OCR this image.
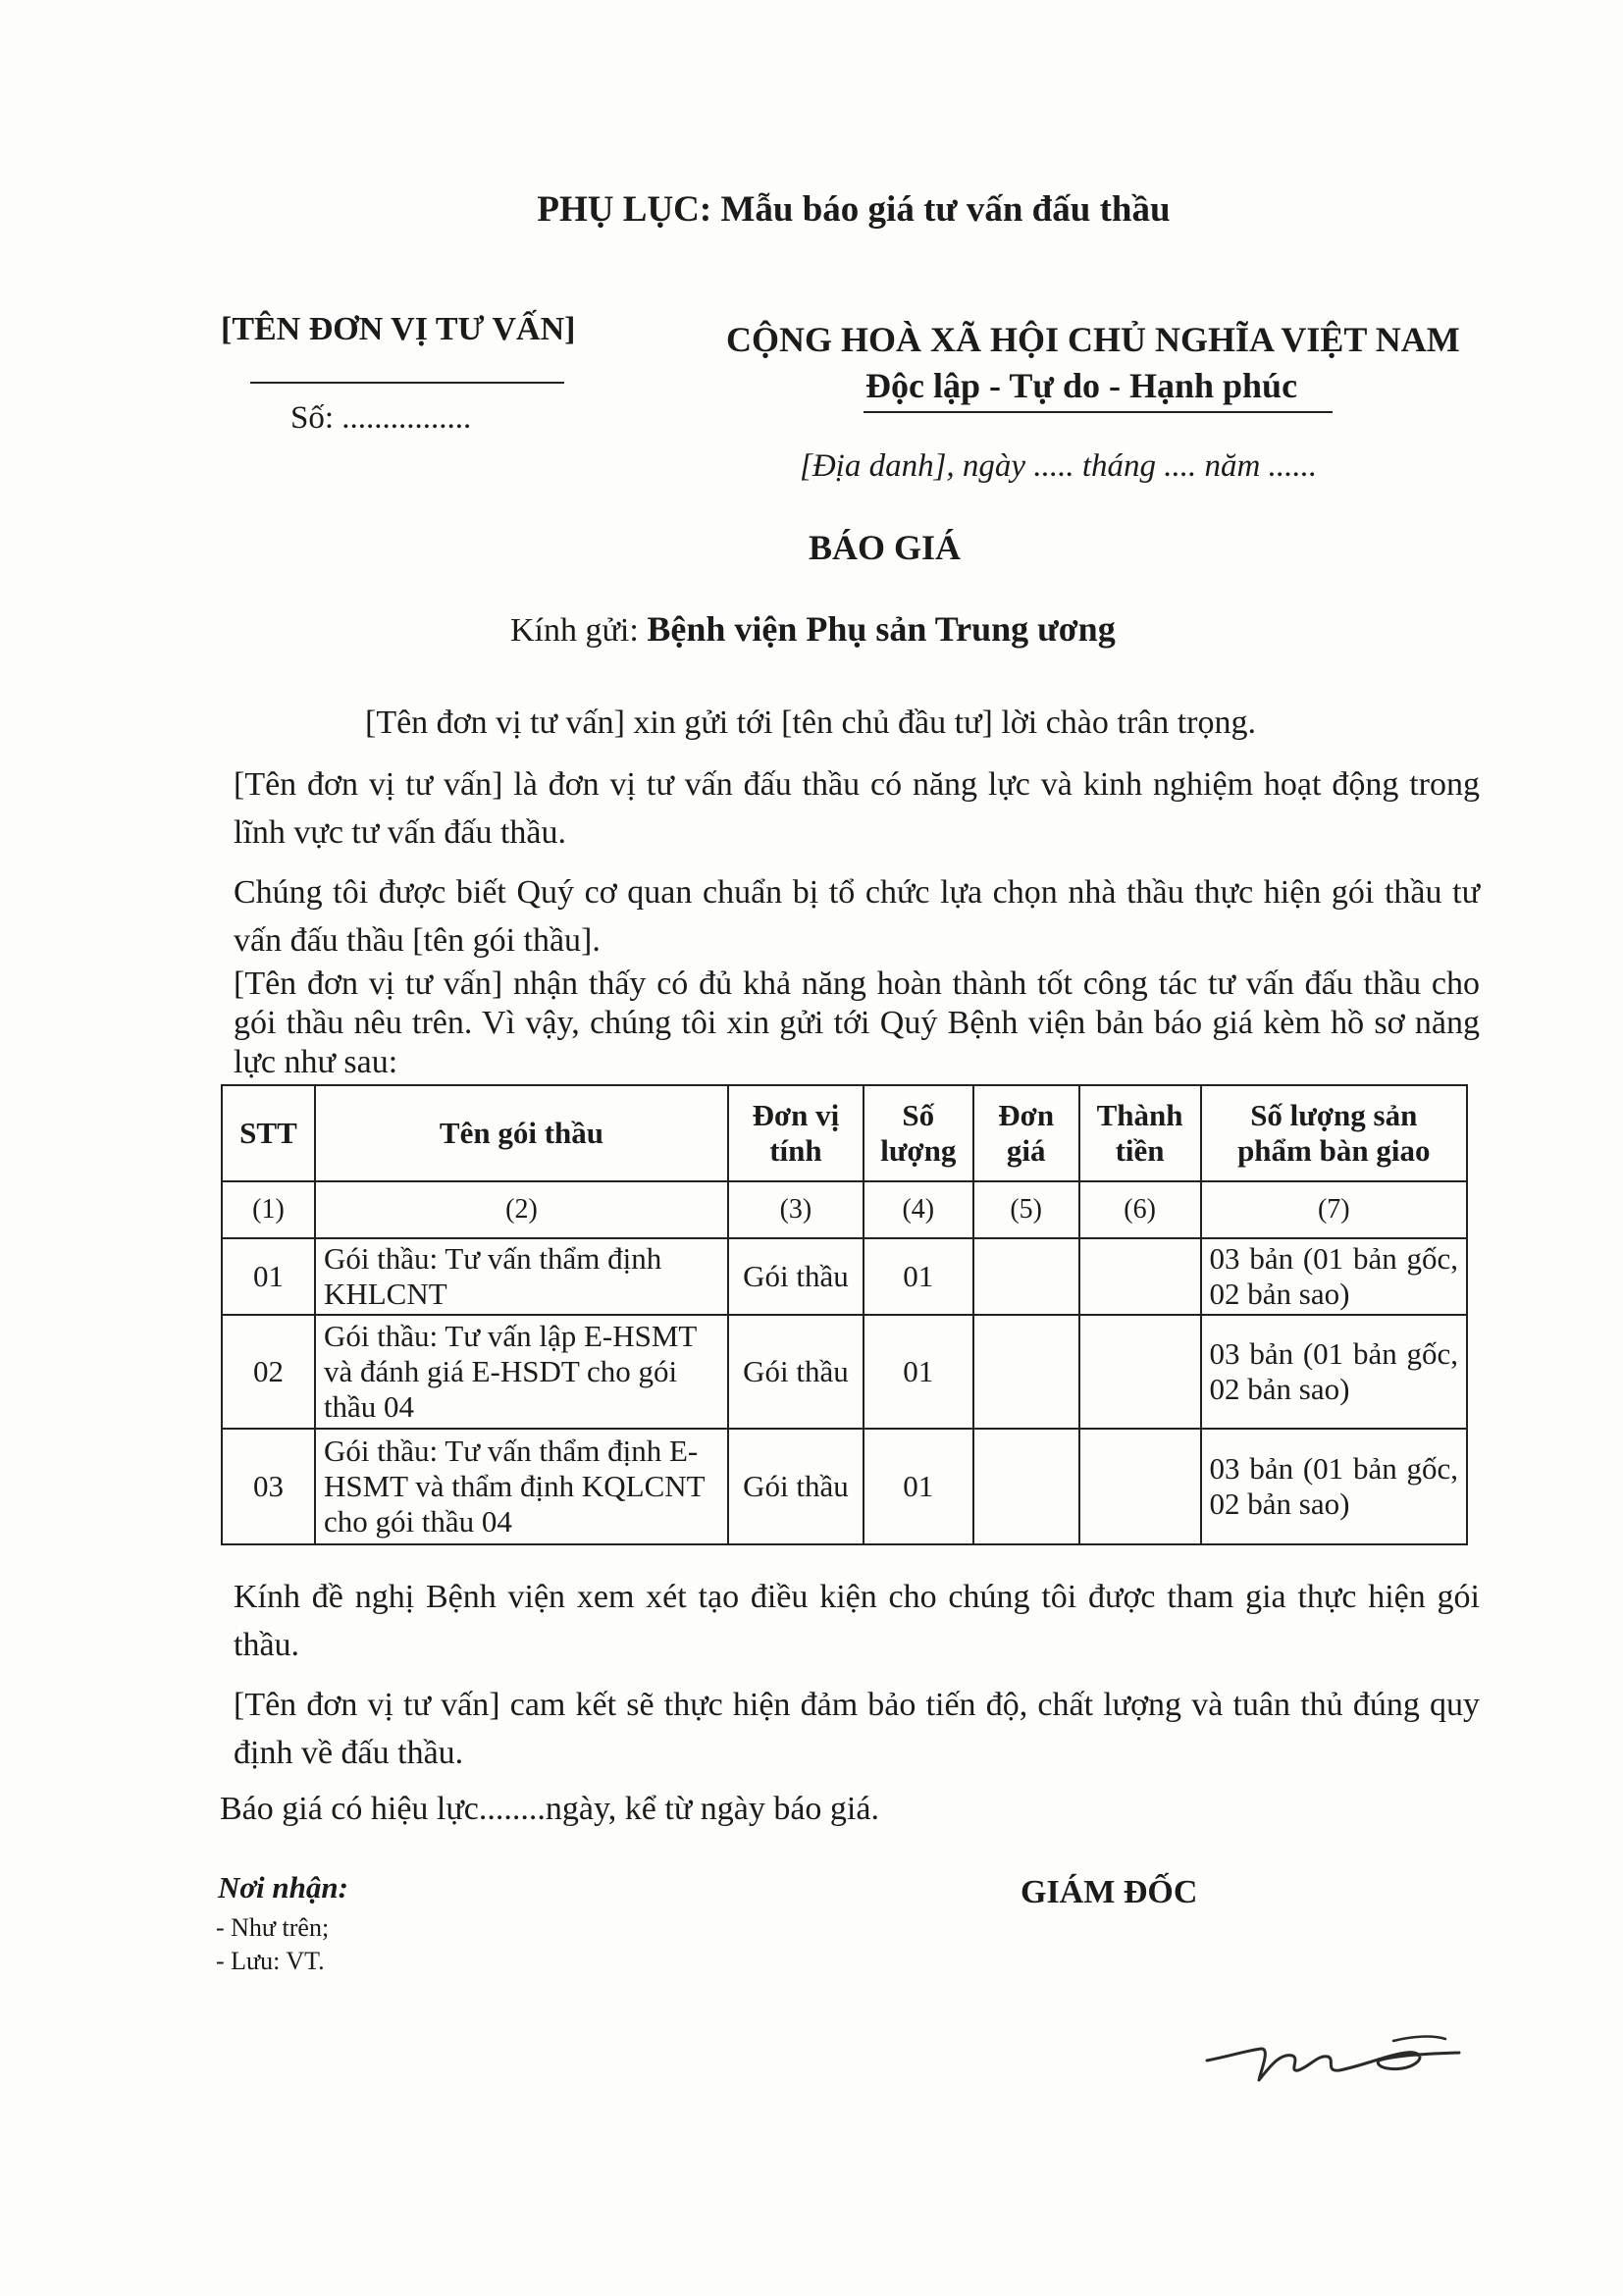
PHỤ LỤC: Mẫu báo giá tư vấn đấu thầu
[TÊN ĐƠN VỊ TƯ VẤN]
Số: ................
CỘNG HOÀ XÃ HỘI CHỦ NGHĨA VIỆT NAM
Độc lập - Tự do - Hạnh phúc
[Địa danh], ngày ..... tháng .... năm ......
BÁO GIÁ
Kính gửi: Bệnh viện Phụ sản Trung ương
[Tên đơn vị tư vấn] xin gửi tới [tên chủ đầu tư] lời chào trân trọng.
[Tên đơn vị tư vấn] là đơn vị tư vấn đấu thầu có năng lực và kinh nghiệm hoạt động trong lĩnh vực tư vấn đấu thầu.
Chúng tôi được biết Quý cơ quan chuẩn bị tổ chức lựa chọn nhà thầu thực hiện gói thầu tư vấn đấu thầu [tên gói thầu].
[Tên đơn vị tư vấn] nhận thấy có đủ khả năng hoàn thành tốt công tác tư vấn đấu thầu cho gói thầu nêu trên. Vì vậy, chúng tôi xin gửi tới Quý Bệnh viện bản báo giá kèm hồ sơ năng lực như sau:
STT	Tên gói thầu	Đơn vị tính	Số lượng	Đơn giá	Thành tiền	Số lượng sản phẩm bàn giao
(1)	(2)	(3)	(4)	(5)	(6)	(7)
01	Gói thầu: Tư vấn thẩm định KHLCNT	Gói thầu	01			03 bản (01 bản gốc, 02 bản sao)
02	Gói thầu: Tư vấn lập E-HSMT và đánh giá E-HSDT cho gói thầu 04	Gói thầu	01			03 bản (01 bản gốc, 02 bản sao)
03	Gói thầu: Tư vấn thẩm định E-HSMT và thẩm định KQLCNT cho gói thầu 04	Gói thầu	01			03 bản (01 bản gốc, 02 bản sao)
Kính đề nghị Bệnh viện xem xét tạo điều kiện cho chúng tôi được tham gia thực hiện gói thầu.
[Tên đơn vị tư vấn] cam kết sẽ thực hiện đảm bảo tiến độ, chất lượng và tuân thủ đúng quy định về đấu thầu.
Báo giá có hiệu lực........ngày, kể từ ngày báo giá.
Nơi nhận:
- Như trên;
- Lưu: VT.
GIÁM ĐỐC
